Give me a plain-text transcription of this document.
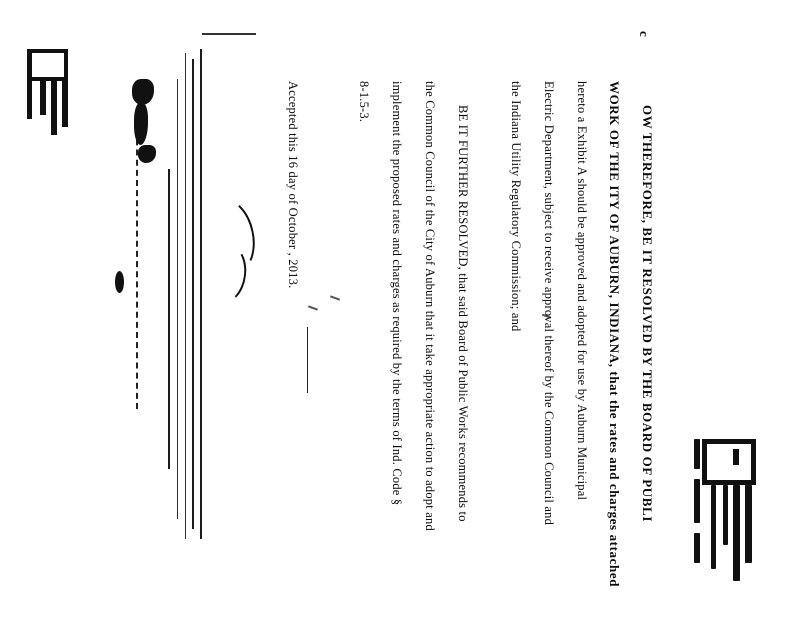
c
OW THEREFORE, BE IT RESOLVED BY THE BOARD OF PUBLI
WORK OF THE ITY OF AUBURN, INDIANA, that the rates and charges attached
hereto a Exhibit A should be approved and adopted for use by Auburn Municipal
Electric Department, subject to receive approval thereof by the Common Council and
the Indiana Utility Regulatory Commission; and
BE IT FURTHER RESOLVED, that said Board of Public Works recommends to
the Common Council of the City of Auburn that it take appropriate action to adopt and
implement the proposed rates and charges as required by the terms of Ind. Code §
8-1.5-3.
Accepted this 16 day of October , 2013.
